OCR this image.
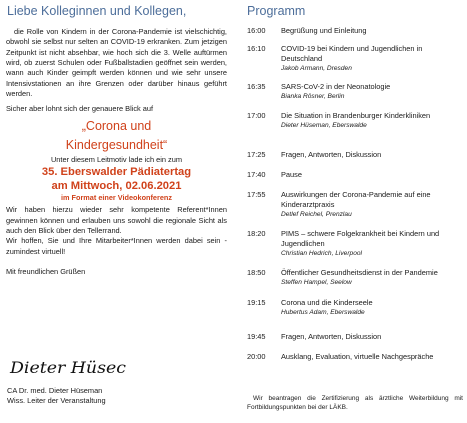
Liebe Kolleginnen und Kollegen,

die Rolle von Kindern in der Corona-Pandemie ist vielschichtig, obwohl sie selbst nur selten an COVID-19 erkranken. Zum jetzigen Zeitpunkt ist nicht absehbar, wie hoch sich die 3. Welle auftürmen wird, ob zuerst Schulen oder Fußballstadien geöffnet sein werden, wann auch Kinder geimpft werden können und wie sehr unsere Intensivstationen an ihre Grenzen oder darüber hinaus geführt werden.

Sicher aber lohnt sich der genauere Blick auf

„Corona und

Kindergesundheit“

Unter diesem Leitmotiv lade ich ein zum

35. Eberswalder Pädiatertag

am Mittwoch, 02.06.2021

im Format einer Videokonferenz

Wir haben hierzu wieder sehr kompetente Referent*Innen gewinnen können und erlauben uns sowohl die regionale Sicht als auch den Blick über den Tellerrand.

Wir hoffen, Sie und Ihre Mitarbeiter*Innen werden dabei sein - zumindest virtuell!

Mit freundlichen Grüßen

Dieter Hüsec
CA Dr. med. Dieter Hüseman
Wiss. Leiter der Veranstaltung
Programm
16:00 Begrüßung und Einleitung
16:10 COVID-19 bei Kindern und Jugendlichen in Deutschland
Jakob Armann, Dresden
16:35 SARS-CoV-2 in der Neonatologie
Bianka Rösner, Berlin
17:00 Die Situation in Brandenburger Kinderkliniken
Dieter Hüseman, Eberswalde
17:25 Fragen, Antworten, Diskussion
17:40 Pause
17:55 Auswirkungen der Corona-Pandemie auf eine Kinderarztpraxis
Detlef Reichel, Prenzlau
18:20 PIMS – schwere Folgekrankheit bei Kindern und Jugendlichen
Christian Hedrich, Liverpool
18:50 Öffentlicher Gesundheitsdienst in der Pandemie
Steffen Hampel, Seelow
19:15 Corona und die Kinderseele
Hubertus Adam, Eberswalde
19:45 Fragen, Antworten, Diskussion
20:00 Ausklang, Evaluation, virtuelle Nachgespräche

Wir beantragen die Zertifizierung als ärztliche Weiterbildung mit Fortbildungspunkten bei der LÄKB.
